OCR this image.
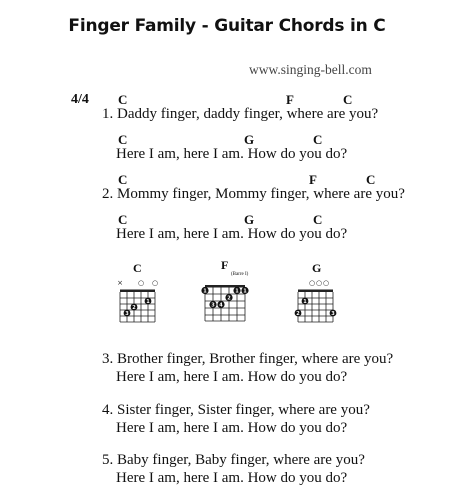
Finger Family - Guitar Chords in C
www.singing-bell.com
4/4 C	F	C
1. Daddy finger, daddy finger, where are you?
C	G	C
Here I am, here I am. How do you do?
C	F	C
2. Mommy finger, Mommy finger, where are you?
C	G	C
Here I am, here I am. How do you do?
C	F
(Barre I)	G
× ○ ○
3
2
1
1	1 1
2
3 4
○ ○ ○
2
1
3
3. Brother finger, Brother finger, where are you?
Here I am, here I am. How do you do?
4. Sister finger, Sister finger, where are you?
Here I am, here I am. How do you do?
5. Baby finger, Baby finger, where are you?
Here I am, here I am. How do you do?
